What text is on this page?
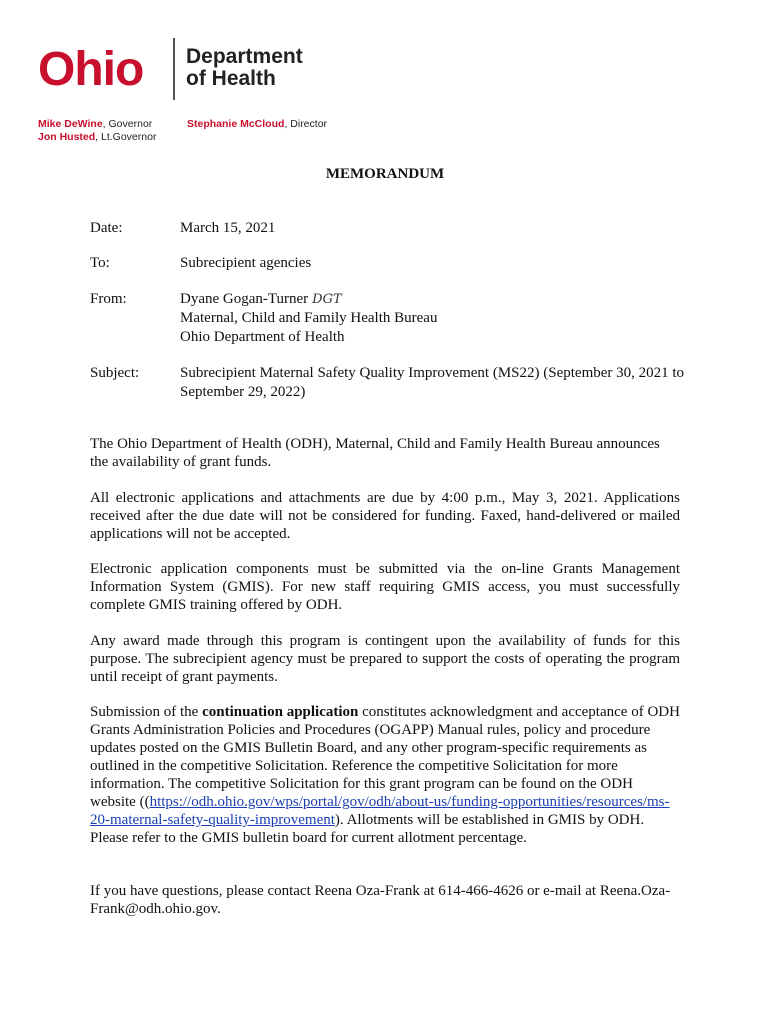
Ohio Department
of Health
Mike DeWine, Governor
Jon Husted, Lt.Governor
Stephanie McCloud, Director
MEMORANDUM
Date:	March 15, 2021
To:	Subrecipient agencies
From:	Dyane Gogan-Turner DGT
Maternal, Child and Family Health Bureau
Ohio Department of Health
Subject:	Subrecipient Maternal Safety Quality Improvement (MS22) (September 30, 2021 to September 29, 2022)
The Ohio Department of Health (ODH), Maternal, Child and Family Health Bureau announces the availability of grant funds.
All electronic applications and attachments are due by 4:00 p.m., May 3, 2021. Applications received after the due date will not be considered for funding. Faxed, hand-delivered or mailed applications will not be accepted.
Electronic application components must be submitted via the on-line Grants Management Information System (GMIS). For new staff requiring GMIS access, you must successfully complete GMIS training offered by ODH.
Any award made through this program is contingent upon the availability of funds for this purpose. The subrecipient agency must be prepared to support the costs of operating the program until receipt of grant payments.
Submission of the continuation application constitutes acknowledgment and acceptance of ODH Grants Administration Policies and Procedures (OGAPP) Manual rules, policy and procedure updates posted on the GMIS Bulletin Board, and any other program-specific requirements as outlined in the competitive Solicitation. Reference the competitive Solicitation for more information. The competitive Solicitation for this grant program can be found on the ODH website ((https://odh.ohio.gov/wps/portal/gov/odh/about-us/funding-opportunities/resources/ms-20-maternal-safety-quality-improvement). Allotments will be established in GMIS by ODH. Please refer to the GMIS bulletin board for current allotment percentage.
If you have questions, please contact Reena Oza-Frank at 614-466-4626 or e-mail at Reena.Oza-Frank@odh.ohio.gov.
